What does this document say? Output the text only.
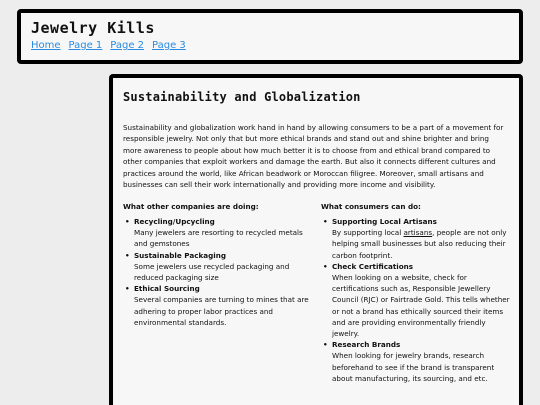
Jewelry Kills
Home Page 1 Page 2 Page 3
Sustainability and Globalization

Sustainability and globalization work hand in hand by allowing consumers to be a part of a movement for responsible jewelry. Not only that but more ethical brands and stand out and shine brighter and bring more awareness to people about how much better it is to choose from and ethical brand compared to other companies that exploit workers and damage the earth. But also it connects different cultures and practices around the world, like African beadwork or Moroccan filigree. Moreover, small artisans and businesses can sell their work internationally and providing more income and visibility.

What other companies are doing:
• Recycling/Upcycling
Many jewelers are resorting to recycled metals and gemstones
• Sustainable Packaging
Some jewelers use recycled packaging and reduced packaging size
• Ethical Sourcing
Several companies are turning to mines that are adhering to proper labor practices and environmental standards.
What consumers can do:
• Supporting Local Artisans
By supporting local artisans, people are not only helping small businesses but also reducing their carbon footprint.
• Check Certifications
When looking on a website, check for certifications such as, Responsible Jewellery Council (RJC) or Fairtrade Gold. This tells whether or not a brand has ethically sourced their items and are providing environmentally friendly jewelry.
• Research Brands
When looking for jewelry brands, research beforehand to see if the brand is transparent about manufacturing, its sourcing, and etc.
